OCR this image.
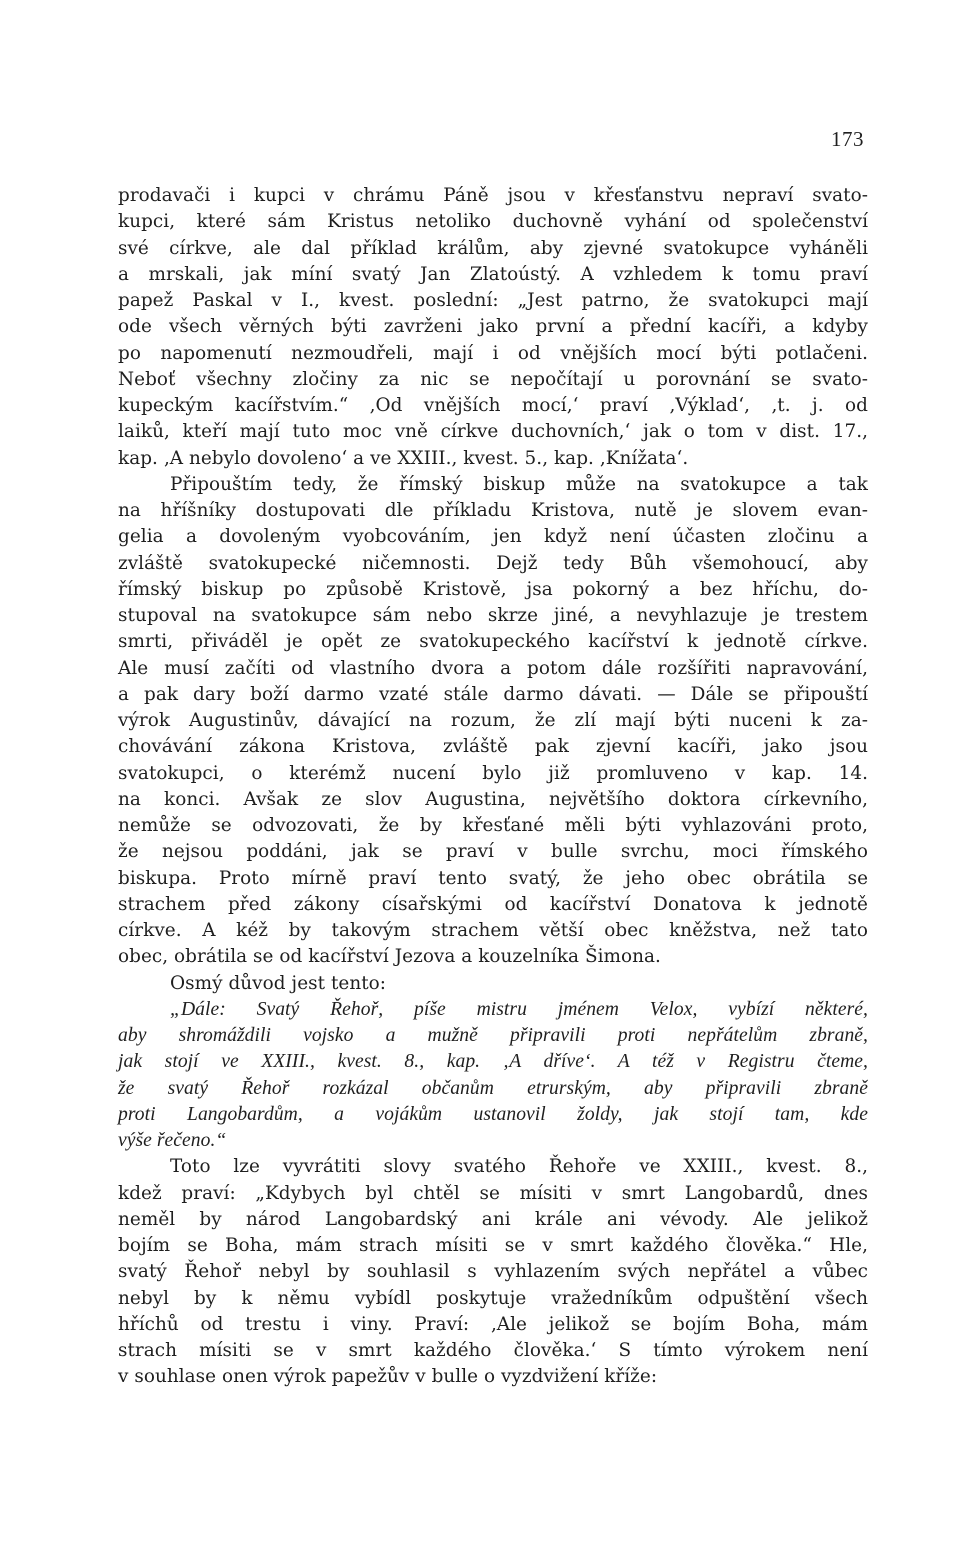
173
prodavači i kupci v chrámu Páně jsou v křesťanstvu nepraví svato-
kupci, které sám Kristus netoliko duchovně vyhání od společenství
své církve, ale dal příklad králům, aby zjevné svatokupce vyháněli
a mrskali, jak míní svatý Jan Zlatoústý. A vzhledem k tomu praví
papež Paskal v I., kvest. poslední: „Jest patrno, že svatokupci mají
ode všech věrných býti zavrženi jako první a přední kacíři, a kdyby
po napomenutí nezmoudřeli, mají i od vnějších mocí býti potlačeni.
Neboť všechny zločiny za nic se nepočítají u porovnání se svato-
kupeckým kacířstvím.“ ‚Od vnějších mocí,‘ praví ‚Výklad‘, ‚t. j. od
laiků, kteří mají tuto moc vně církve duchovních,‘ jak o tom v dist. 17.,
kap. ‚A nebylo dovoleno‘ a ve XXIII., kvest. 5., kap. ‚Knížata‘.
Připouštím tedy, že římský biskup může na svatokupce a tak
na hříšníky dostupovati dle příkladu Kristova, nutě je slovem evan-
gelia a dovoleným vyobcováním, jen když není účasten zločinu a
zvláště svatokupecké ničemnosti. Dejž tedy Bůh všemohoucí, aby
římský biskup po způsobě Kristově, jsa pokorný a bez hříchu, do-
stupoval na svatokupce sám nebo skrze jiné, a nevyhlazuje je trestem
smrti, přiváděl je opět ze svatokupeckého kacířství k jednotě církve.
Ale musí začíti od vlastního dvora a potom dále rozšířiti napravování,
a pak dary boží darmo vzaté stále darmo dávati. — Dále se připouští
výrok Augustinův, dávající na rozum, že zlí mají býti nuceni k za-
chovávání zákona Kristova, zvláště pak zjevní kacíři, jako jsou
svatokupci, o kterémž nucení bylo již promluveno v kap. 14.
na konci. Avšak ze slov Augustina, největšího doktora církevního,
nemůže se odvozovati, že by křesťané měli býti vyhlazováni proto,
že nejsou poddáni, jak se praví v bulle svrchu, moci římského
biskupa. Proto mírně praví tento svatý, že jeho obec obrátila se
strachem před zákony císařskými od kacířství Donatova k jednotě
církve. A kéž by takovým strachem větší obec kněžstva, než tato
obec, obrátila se od kacířství Jezova a kouzelníka Šimona.
Osmý důvod jest tento:
„Dále: Svatý Řehoř, píše mistru jménem Velox, vybízí některé,
aby shromáždili vojsko a mužně připravili proti nepřátelům zbraně,
jak stojí ve XXIII., kvest. 8., kap. ‚A dříve‘. A též v Registru čteme,
že svatý Řehoř rozkázal občanům etrurským, aby připravili zbraně
proti Langobardům, a vojákům ustanovil žoldy, jak stojí tam, kde
výše řečeno.“
Toto lze vyvrátiti slovy svatého Řehoře ve XXIII., kvest. 8.,
kdež praví: „Kdybych byl chtěl se mísiti v smrt Langobardů, dnes
neměl by národ Langobardský ani krále ani vévody. Ale jelikož
bojím se Boha, mám strach mísiti se v smrt každého člověka.“ Hle,
svatý Řehoř nebyl by souhlasil s vyhlazením svých nepřátel a vůbec
nebyl by k němu vybídl poskytuje vražedníkům odpuštění všech
hříchů od trestu i viny. Praví: ‚Ale jelikož se bojím Boha, mám
strach mísiti se v smrt každého člověka.‘ S tímto výrokem není
v souhlase onen výrok papežův v bulle o vyzdvižení kříže:
